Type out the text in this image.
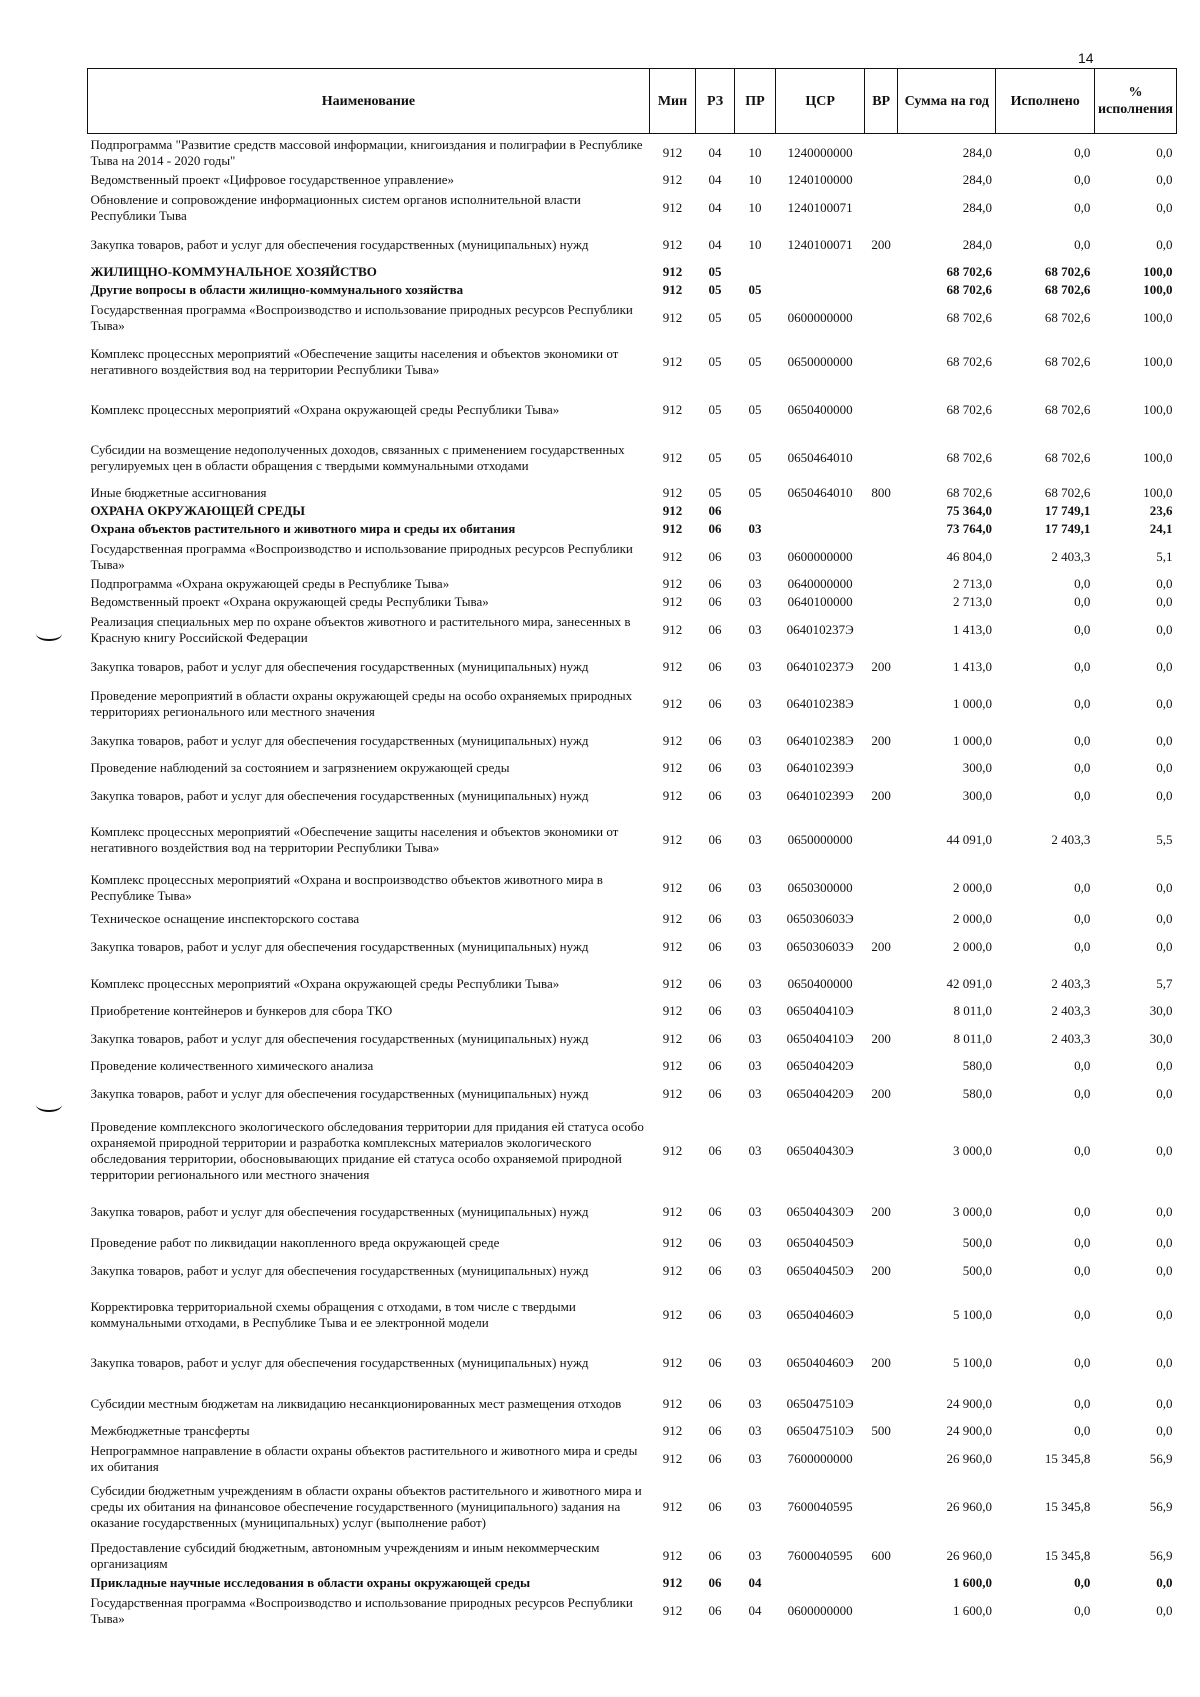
14
Наименование	Мин	РЗ	ПР	ЦСР	ВР	Сумма на год	Исполнено	% исполнения
Подпрограмма "Развитие средств массовой информации, книгоиздания и полиграфии в Республике Тыва на 2014 - 2020 годы"	912	04	10	1240000000		284,0	0,0	0,0
Ведомственный проект «Цифровое государственное управление»	912	04	10	1240100000		284,0	0,0	0,0
Обновление и сопровождение информационных систем органов исполнительной власти Республики Тыва	912	04	10	1240100071		284,0	0,0	0,0
Закупка товаров, работ и услуг для обеспечения государственных (муниципальных) нужд	912	04	10	1240100071	200	284,0	0,0	0,0
ЖИЛИЩНО-КОММУНАЛЬНОЕ ХОЗЯЙСТВО	912	05				68 702,6	68 702,6	100,0
Другие вопросы в области жилищно-коммунального хозяйства	912	05	05			68 702,6	68 702,6	100,0
Государственная программа «Воспроизводство и использование природных ресурсов Республики Тыва»	912	05	05	0600000000		68 702,6	68 702,6	100,0
Комплекс процессных мероприятий «Обеспечение защиты населения и объектов экономики от негативного воздействия вод на территории Республики Тыва»	912	05	05	0650000000		68 702,6	68 702,6	100,0
Комплекс процессных мероприятий «Охрана окружающей среды Республики Тыва»	912	05	05	0650400000		68 702,6	68 702,6	100,0
Субсидии на возмещение недополученных доходов, связанных с применением государственных регулируемых цен в области обращения с твердыми коммунальными отходами	912	05	05	0650464010		68 702,6	68 702,6	100,0
Иные бюджетные ассигнования	912	05	05	0650464010	800	68 702,6	68 702,6	100,0
ОХРАНА ОКРУЖАЮЩЕЙ СРЕДЫ	912	06				75 364,0	17 749,1	23,6
Охрана объектов растительного и животного мира и среды их обитания	912	06	03			73 764,0	17 749,1	24,1
Государственная программа «Воспроизводство и использование природных ресурсов Республики Тыва»	912	06	03	0600000000		46 804,0	2 403,3	5,1
Подпрограмма «Охрана окружающей среды в Республике Тыва»	912	06	03	0640000000		2 713,0	0,0	0,0
Ведомственный проект «Охрана окружающей среды Республики Тыва»	912	06	03	0640100000		2 713,0	0,0	0,0
Реализация специальных мер по охране объектов животного и растительного мира, занесенных в Красную книгу Российской Федерации	912	06	03	064010237Э		1 413,0	0,0	0,0
Закупка товаров, работ и услуг для обеспечения государственных (муниципальных) нужд	912	06	03	064010237Э	200	1 413,0	0,0	0,0
Проведение мероприятий в области охраны окружающей среды на особо охраняемых природных территориях регионального или местного значения	912	06	03	064010238Э		1 000,0	0,0	0,0
Закупка товаров, работ и услуг для обеспечения государственных (муниципальных) нужд	912	06	03	064010238Э	200	1 000,0	0,0	0,0
Проведение наблюдений за состоянием и загрязнением окружающей среды	912	06	03	064010239Э		300,0	0,0	0,0
Закупка товаров, работ и услуг для обеспечения государственных (муниципальных) нужд	912	06	03	064010239Э	200	300,0	0,0	0,0
Комплекс процессных мероприятий «Обеспечение защиты населения и объектов экономики от негативного воздействия вод на территории Республики Тыва»	912	06	03	0650000000		44 091,0	2 403,3	5,5
Комплекс процессных мероприятий «Охрана и воспроизводство объектов животного мира в Республике Тыва»	912	06	03	0650300000		2 000,0	0,0	0,0
Техническое оснащение инспекторского состава	912	06	03	065030603Э		2 000,0	0,0	0,0
Закупка товаров, работ и услуг для обеспечения государственных (муниципальных) нужд	912	06	03	065030603Э	200	2 000,0	0,0	0,0
Комплекс процессных мероприятий «Охрана окружающей среды Республики Тыва»	912	06	03	0650400000		42 091,0	2 403,3	5,7
Приобретение контейнеров и бункеров для сбора ТКО	912	06	03	065040410Э		8 011,0	2 403,3	30,0
Закупка товаров, работ и услуг для обеспечения государственных (муниципальных) нужд	912	06	03	065040410Э	200	8 011,0	2 403,3	30,0
Проведение количественного химического анализа	912	06	03	065040420Э		580,0	0,0	0,0
Закупка товаров, работ и услуг для обеспечения государственных (муниципальных) нужд	912	06	03	065040420Э	200	580,0	0,0	0,0
Проведение комплексного экологического обследования территории для придания ей статуса особо охраняемой природной территории и разработка комплексных материалов экологического обследования территории, обосновывающих придание ей статуса особо охраняемой природной территории регионального или местного значения	912	06	03	065040430Э		3 000,0	0,0	0,0
Закупка товаров, работ и услуг для обеспечения государственных (муниципальных) нужд	912	06	03	065040430Э	200	3 000,0	0,0	0,0
Проведение работ по ликвидации накопленного вреда окружающей среде	912	06	03	065040450Э		500,0	0,0	0,0
Закупка товаров, работ и услуг для обеспечения государственных (муниципальных) нужд	912	06	03	065040450Э	200	500,0	0,0	0,0
Корректировка территориальной схемы обращения с отходами, в том числе с твердыми коммунальными отходами, в Республике Тыва и ее электронной модели	912	06	03	065040460Э		5 100,0	0,0	0,0
Закупка товаров, работ и услуг для обеспечения государственных (муниципальных) нужд	912	06	03	065040460Э	200	5 100,0	0,0	0,0
Субсидии местным бюджетам на ликвидацию несанкционированных мест размещения отходов	912	06	03	065047510Э		24 900,0	0,0	0,0
Межбюджетные трансферты	912	06	03	065047510Э	500	24 900,0	0,0	0,0
Непрограммное направление в области охраны объектов растительного и животного мира и среды их обитания	912	06	03	7600000000		26 960,0	15 345,8	56,9
Субсидии бюджетным учреждениям в области охраны объектов растительного и животного мира и среды их обитания на финансовое обеспечение государственного (муниципального) задания на оказание государственных (муниципальных) услуг (выполнение работ)	912	06	03	7600040595		26 960,0	15 345,8	56,9
Предоставление субсидий бюджетным, автономным учреждениям и иным некоммерческим организациям	912	06	03	7600040595	600	26 960,0	15 345,8	56,9
Прикладные научные исследования в области охраны окружающей среды	912	06	04			1 600,0	0,0	0,0
Государственная программа «Воспроизводство и использование природных ресурсов Республики Тыва»	912	06	04	0600000000		1 600,0	0,0	0,0
